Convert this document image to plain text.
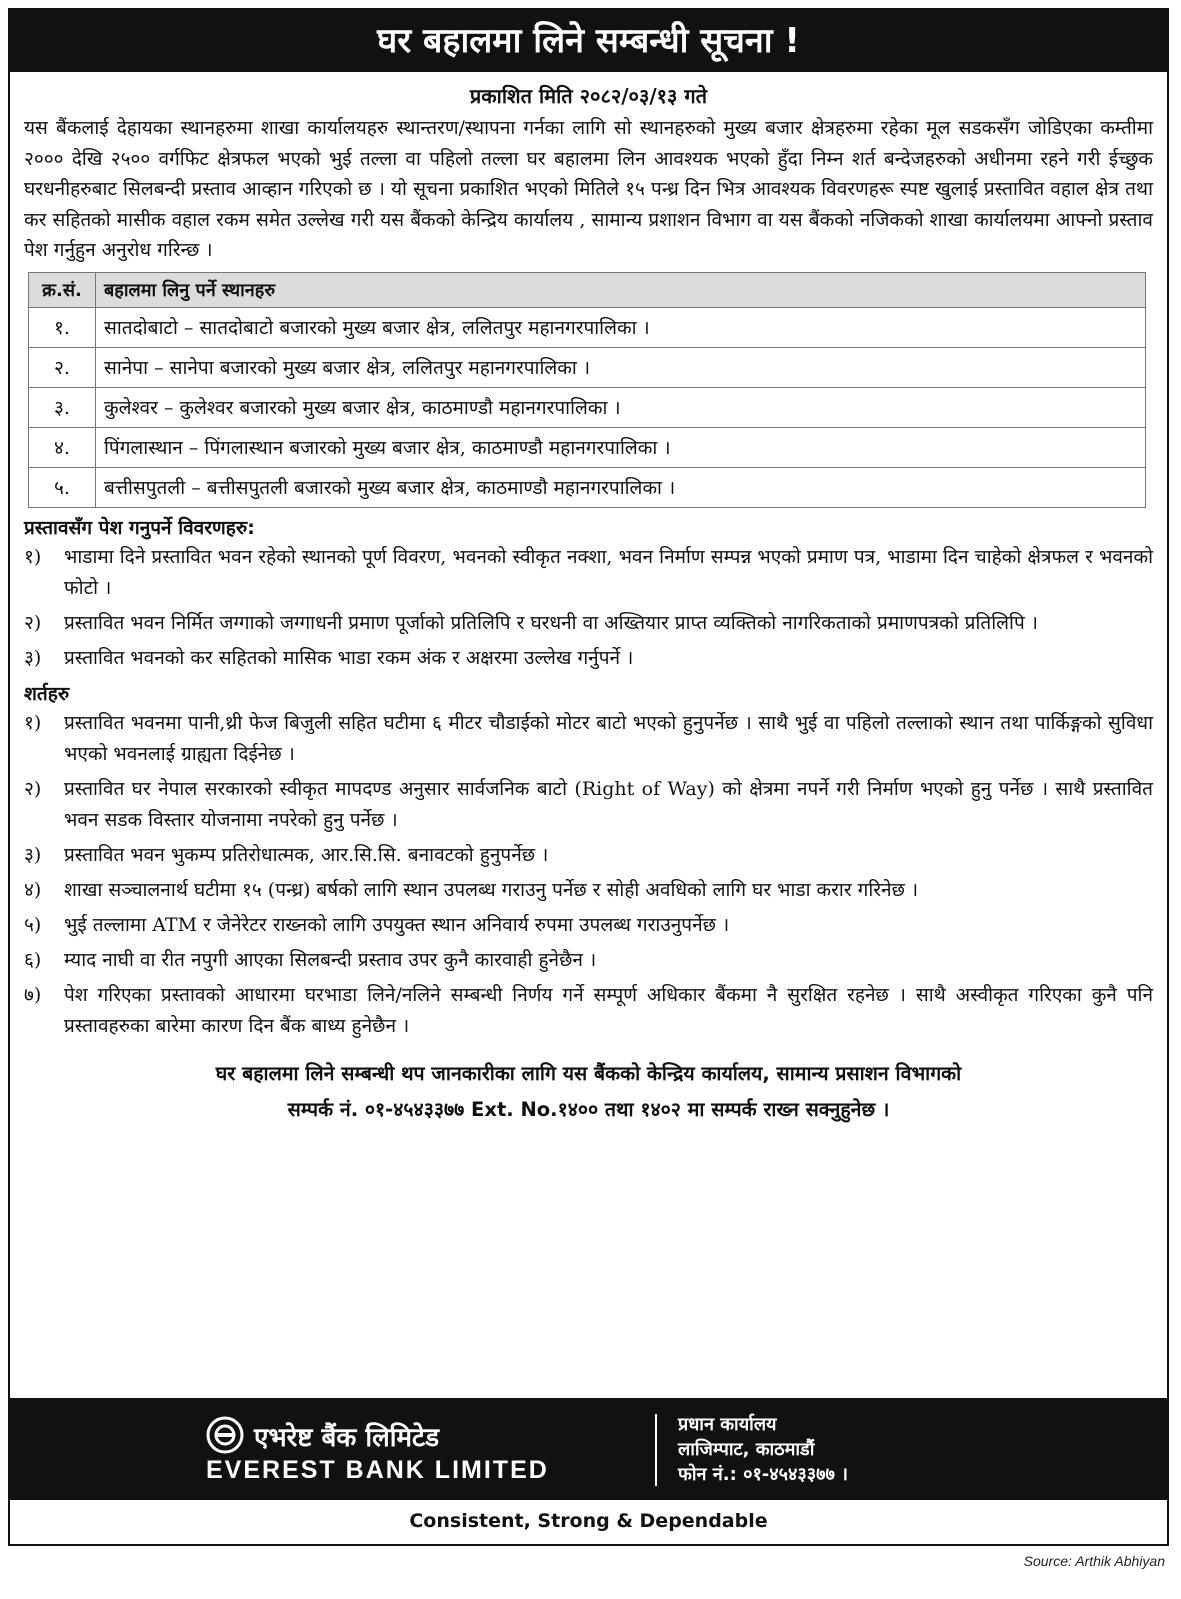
घर बहालमा लिने सम्बन्धी सूचना !
प्रकाशित मिति २०८२/०३/१३ गते

यस बैंकलाई देहायका स्थानहरुमा शाखा कार्यालयहरु स्थान्तरण/स्थापना गर्नका लागि सो स्थानहरुको मुख्य बजार क्षेत्रहरुमा रहेका मूल सडकसँग जोडिएका कम्तीमा २००० देखि २५०० वर्गफिट क्षेत्रफल भएको भुई तल्ला वा पहिलो तल्ला घर बहालमा लिन आवश्यक भएको हुँदा निम्न शर्त बन्देजहरुको अधीनमा रहने गरी ईच्छुक घरधनीहरुबाट सिलबन्दी प्रस्ताव आव्हान गरिएको छ । यो सूचना प्रकाशित भएको मितिले १५ पन्ध्र दिन भित्र आवश्यक विवरणहरू स्पष्ट खुलाई प्रस्तावित वहाल क्षेत्र तथा कर सहितको मासीक वहाल रकम समेत उल्लेख गरी यस बैंकको केन्द्रिय कार्यालय , सामान्य प्रशाशन विभाग वा यस बैंकको नजिकको शाखा कार्यालयमा आफ्नो प्रस्ताव पेश गर्नुहुन अनुरोध गरिन्छ ।

क्र.सं.	बहालमा लिनु पर्ने स्थानहरु
१.	सातदोबाटो – सातदोबाटो बजारको मुख्य बजार क्षेत्र, ललितपुर महानगरपालिका ।
२.	सानेपा – सानेपा बजारको मुख्य बजार क्षेत्र, ललितपुर महानगरपालिका ।
३.	कुलेश्वर – कुलेश्वर बजारको मुख्य बजार क्षेत्र, काठमाण्डौ महानगरपालिका ।
४.	पिंगलास्थान – पिंगलास्थान बजारको मुख्य बजार क्षेत्र, काठमाण्डौ महानगरपालिका ।
५.	बत्तीसपुतली – बत्तीसपुतली बजारको मुख्य बजार क्षेत्र, काठमाण्डौ महानगरपालिका ।
प्रस्तावसँग पेश गनुपर्ने विवरणहरु:
१) भाडामा दिने प्रस्तावित भवन रहेको स्थानको पूर्ण विवरण, भवनको स्वीकृत नक्शा, भवन निर्माण सम्पन्न भएको प्रमाण पत्र, भाडामा दिन चाहेको क्षेत्रफल र भवनको फोटो ।
२) प्रस्तावित भवन निर्मित जग्गाको जग्गाधनी प्रमाण पूर्जाको प्रतिलिपि र घरधनी वा अख्तियार प्राप्त व्यक्तिको नागरिकताको प्रमाणपत्रको प्रतिलिपि ।
३) प्रस्तावित भवनको कर सहितको मासिक भाडा रकम अंक र अक्षरमा उल्लेख गर्नुपर्ने ।
शर्तहरु
१) प्रस्तावित भवनमा पानी,थ्री फेज बिजुली सहित घटीमा ६ मीटर चौडाईको मोटर बाटो भएको हुनुपर्नेछ । साथै भुई वा पहिलो तल्लाको स्थान तथा पार्किङ्गको सुविधा भएको भवनलाई ग्राह्यता दिईनेछ ।
२) प्रस्तावित घर नेपाल सरकारको स्वीकृत मापदण्ड अनुसार सार्वजनिक बाटो (Right of Way) को क्षेत्रमा नपर्ने गरी निर्माण भएको हुनु पर्नेछ । साथै प्रस्तावित भवन सडक विस्तार योजनामा नपरेको हुनु पर्नेछ ।
३) प्रस्तावित भवन भुकम्प प्रतिरोधात्मक, आर.सि.सि. बनावटको हुनुपर्नेछ ।
४) शाखा सञ्चालनार्थ घटीमा १५ (पन्ध्र) बर्षको लागि स्थान उपलब्ध गराउनु पर्नेछ र सोही अवधिको लागि घर भाडा करार गरिनेछ ।
५) भुई तल्लामा ATM र जेनेरेटर राख्नको लागि उपयुक्त स्थान अनिवार्य रुपमा उपलब्ध गराउनुपर्नेछ ।
६) म्याद नाघी वा रीत नपुगी आएका सिलबन्दी प्रस्ताव उपर कुनै कारवाही हुनेछैन ।
७) पेश गरिएका प्रस्तावको आधारमा घरभाडा लिने/नलिने सम्बन्धी निर्णय गर्ने सम्पूर्ण अधिकार बैंकमा नै सुरक्षित रहनेछ । साथै अस्वीकृत गरिएका कुनै पनि प्रस्तावहरुका बारेमा कारण दिन बैंक बाध्य हुनेछैन ।
घर बहालमा लिने सम्बन्धी थप जानकारीका लागि यस बैंकको केन्द्रिय कार्यालय, सामान्य प्रसाशन विभागको
सम्पर्क नं. ०१-४५४३३७७ Ext. No.१४०० तथा १४०२ मा सम्पर्क राख्न सक्नुहुनेछ ।
एभरेष्ट बैंक लिमिटेड
EVEREST BANK LIMITED
प्रधान कार्यालय
लाजिम्पाट, काठमाडौं
फोन नं.: ०१-४५४३३७७ ।
Consistent, Strong & Dependable
Source: Arthik Abhiyan
